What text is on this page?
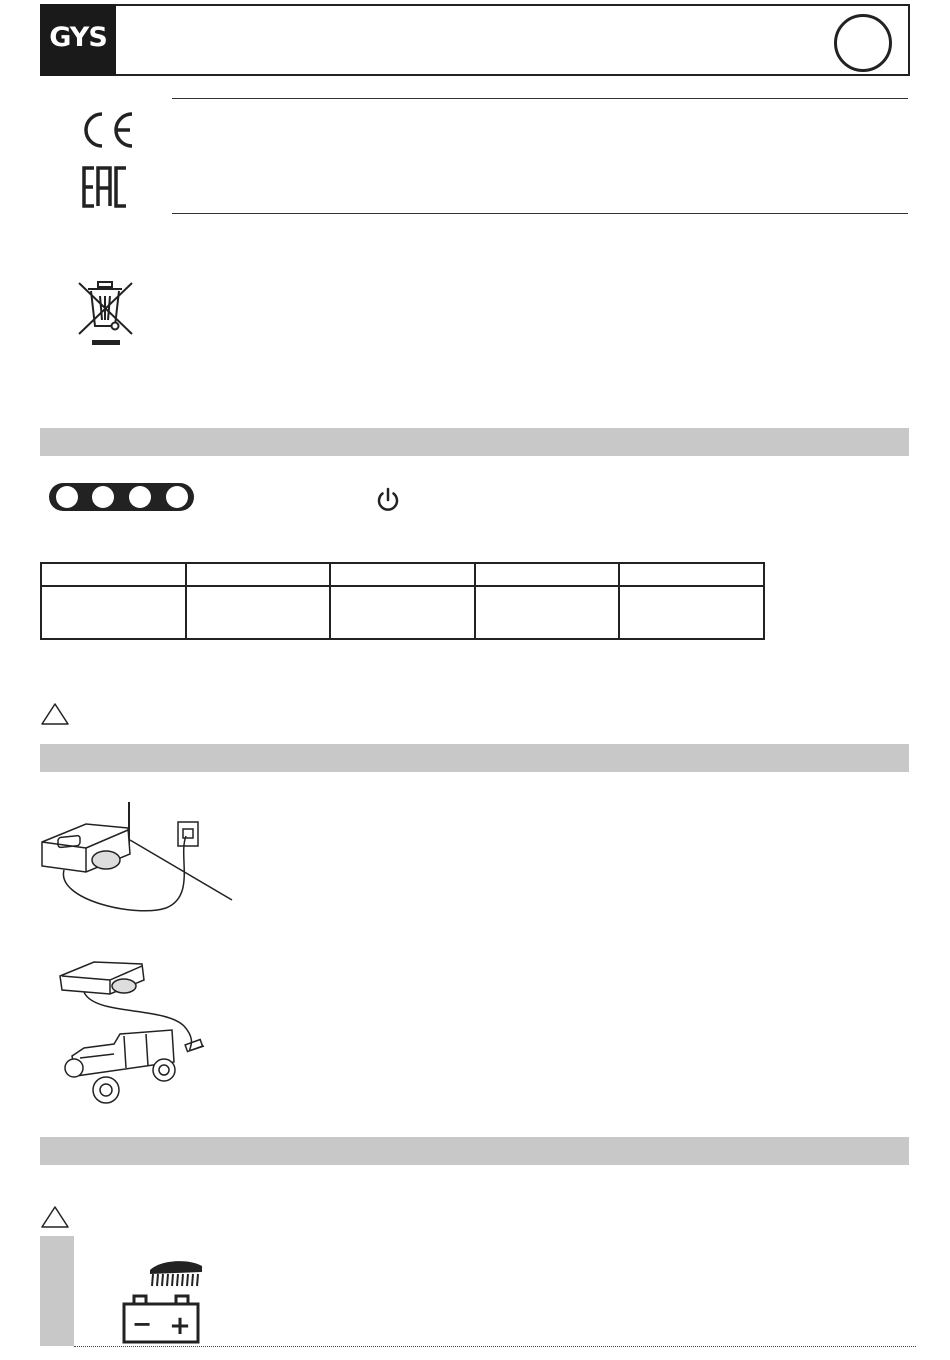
GYS

− +
